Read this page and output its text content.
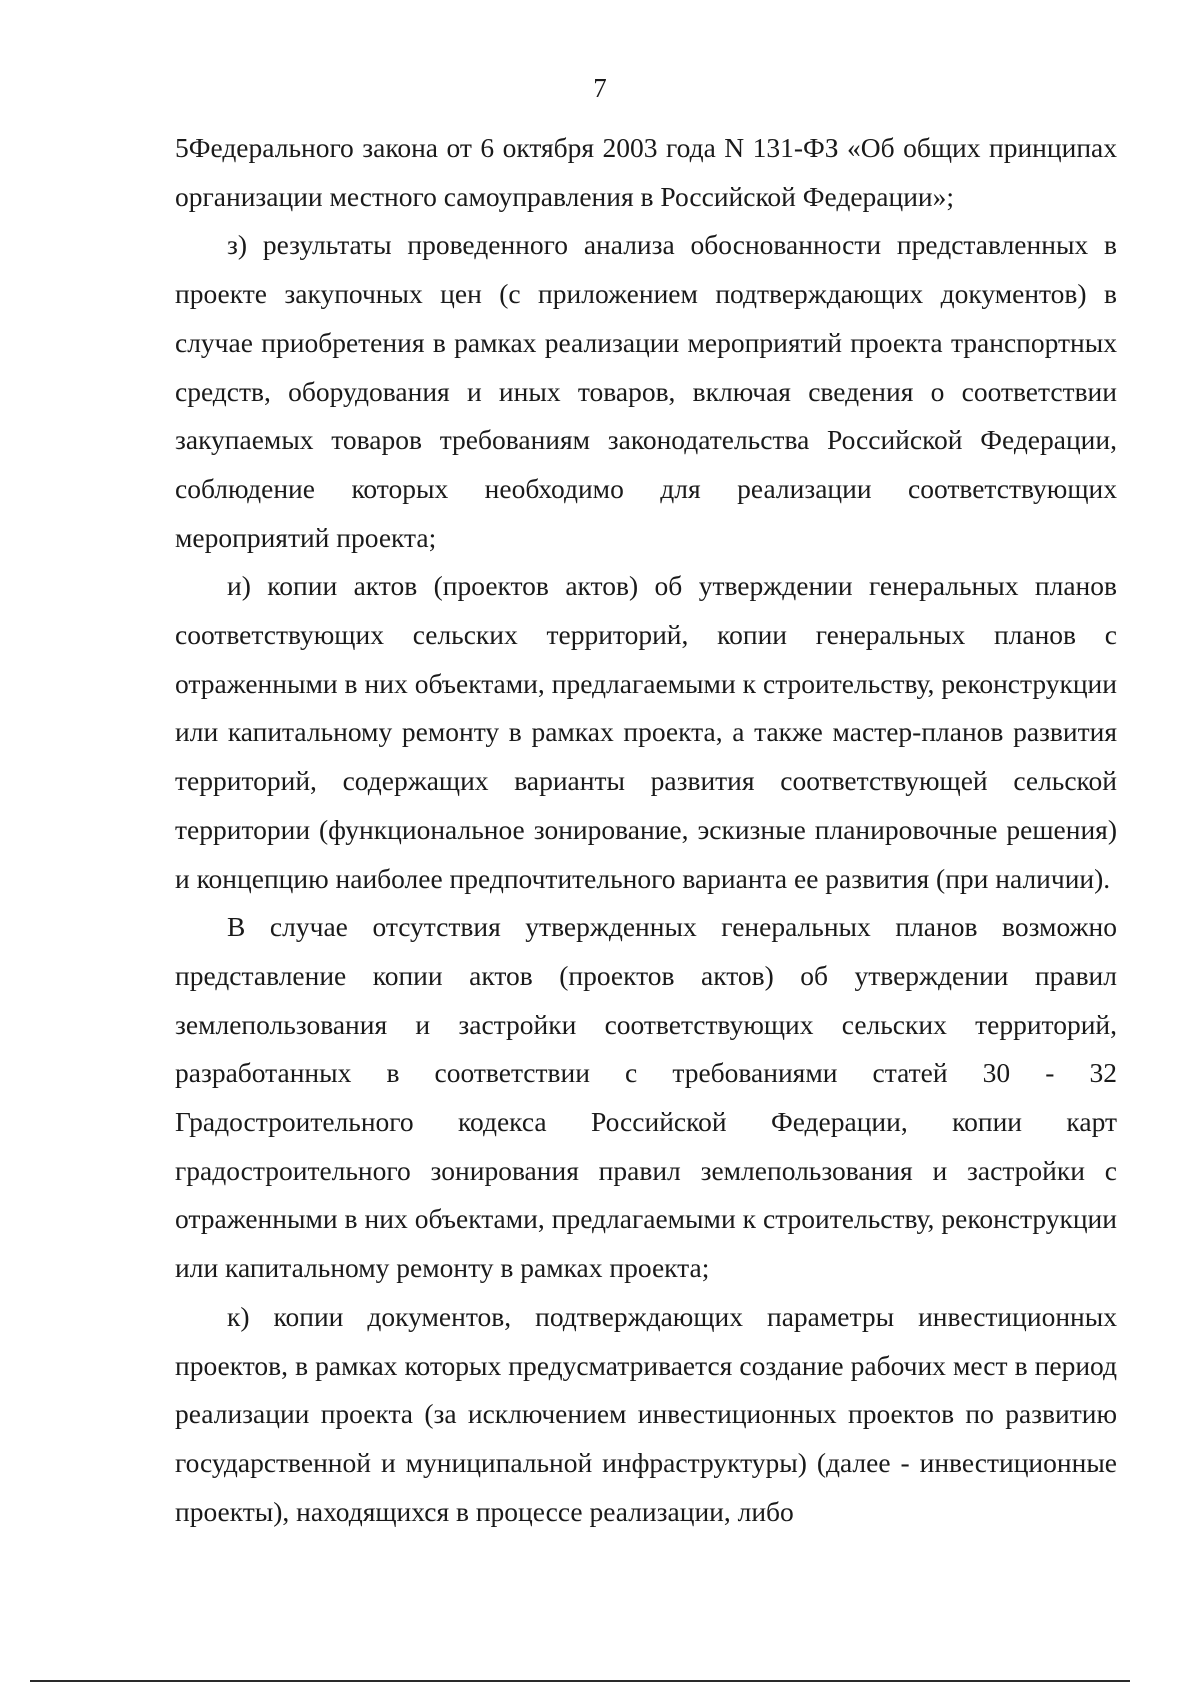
7

5Федерального закона от 6 октября 2003 года N 131-ФЗ «Об общих принципах организации местного самоуправления в Российской Федерации»;

з) результаты проведенного анализа обоснованности представленных в проекте закупочных цен (с приложением подтверждающих документов) в случае приобретения в рамках реализации мероприятий проекта транспортных средств, оборудования и иных товаров, включая сведения о соответствии закупаемых товаров требованиям законодательства Российской Федерации, соблюдение которых необходимо для реализации соответствующих мероприятий проекта;

и) копии актов (проектов актов) об утверждении генеральных планов соответствующих сельских территорий, копии генеральных планов с отраженными в них объектами, предлагаемыми к строительству, реконструкции или капитальному ремонту в рамках проекта, а также мастер-планов развития территорий, содержащих варианты развития соответствующей сельской территории (функциональное зонирование, эскизные планировочные решения) и концепцию наиболее предпочтительного варианта ее развития (при наличии).

В случае отсутствия утвержденных генеральных планов возможно представление копии актов (проектов актов) об утверждении правил землепользования и застройки соответствующих сельских территорий, разработанных в соответствии с требованиями статей 30 - 32 Градостроительного кодекса Российской Федерации, копии карт градостроительного зонирования правил землепользования и застройки с отраженными в них объектами, предлагаемыми к строительству, реконструкции или капитальному ремонту в рамках проекта;

к) копии документов, подтверждающих параметры инвестиционных проектов, в рамках которых предусматривается создание рабочих мест в период реализации проекта (за исключением инвестиционных проектов по развитию государственной и муниципальной инфраструктуры) (далее - инвестиционные проекты), находящихся в процессе реализации, либо
